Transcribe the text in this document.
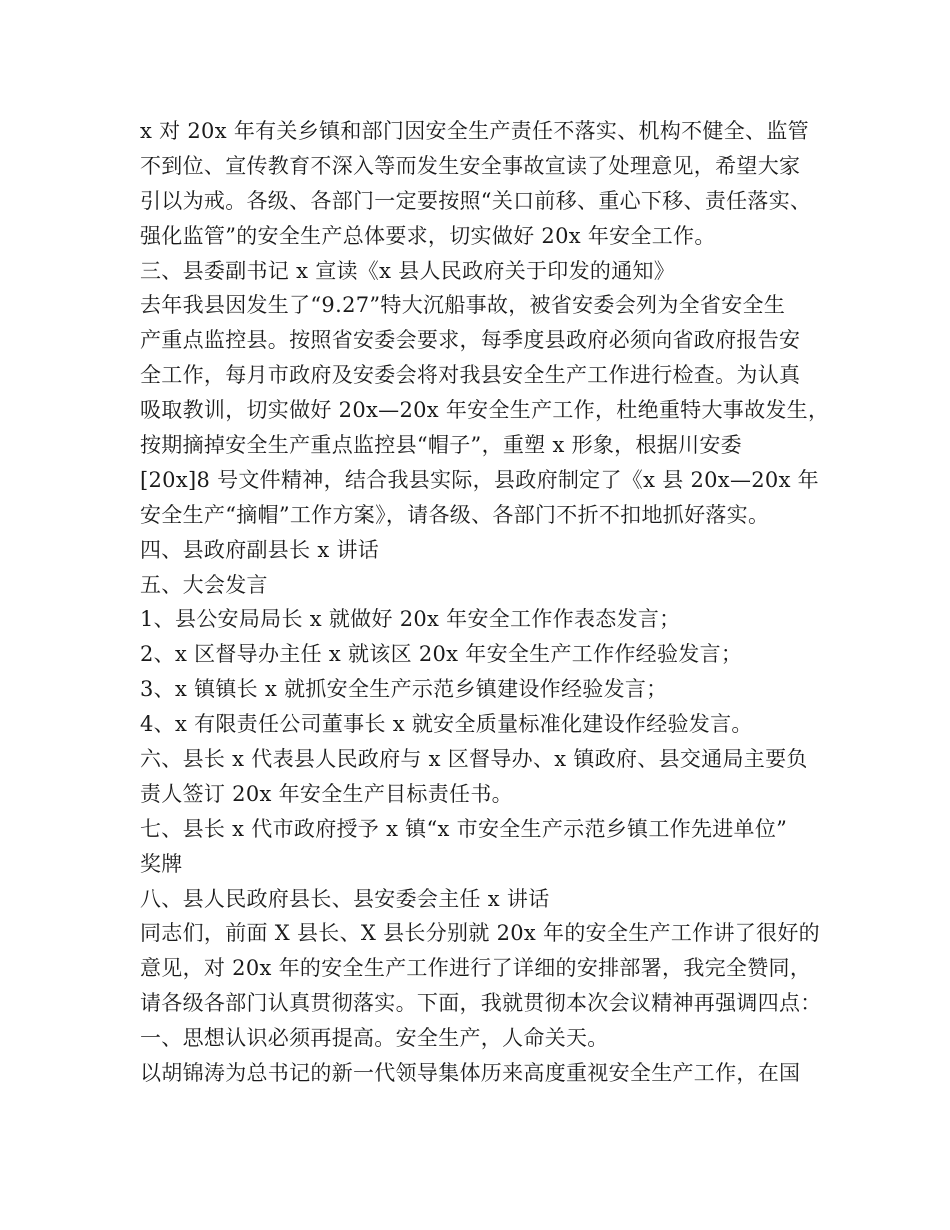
x 对 20x 年有关乡镇和部门因安全生产责任不落实、机构不健全、监管
不到位、宣传教育不深入等而发生安全事故宣读了处理意见，希望大家
引以为戒。各级、各部门一定要按照“关口前移、重心下移、责任落实、
强化监管”的安全生产总体要求，切实做好 20x 年安全工作。
三、县委副书记 x 宣读《x 县人民政府关于印发的通知》
去年我县因发生了“9.27”特大沉船事故，被省安委会列为全省安全生
产重点监控县。按照省安委会要求，每季度县政府必须向省政府报告安
全工作，每月市政府及安委会将对我县安全生产工作进行检查。为认真
吸取教训，切实做好 20x—20x 年安全生产工作，杜绝重特大事故发生，
按期摘掉安全生产重点监控县“帽子”，重塑 x 形象，根据川安委
[20x]8 号文件精神，结合我县实际，县政府制定了《x 县 20x—20x 年
安全生产“摘帽”工作方案》，请各级、各部门不折不扣地抓好落实。
四、县政府副县长 x 讲话
五、大会发言
1、县公安局局长 x 就做好 20x 年安全工作作表态发言；
2、x 区督导办主任 x 就该区 20x 年安全生产工作作经验发言；
3、x 镇镇长 x 就抓安全生产示范乡镇建设作经验发言；
4、x 有限责任公司董事长 x 就安全质量标准化建设作经验发言。
六、县长 x 代表县人民政府与 x 区督导办、x 镇政府、县交通局主要负
责人签订 20x 年安全生产目标责任书。
七、县长 x 代市政府授予 x 镇“x 市安全生产示范乡镇工作先进单位”
奖牌
八、县人民政府县长、县安委会主任 x 讲话
同志们，前面 X 县长、X 县长分别就 20x 年的安全生产工作讲了很好的
意见，对 20x 年的安全生产工作进行了详细的安排部署，我完全赞同，
请各级各部门认真贯彻落实。下面，我就贯彻本次会议精神再强调四点：
一、思想认识必须再提高。安全生产，人命关天。
以胡锦涛为总书记的新一代领导集体历来高度重视安全生产工作，在国
